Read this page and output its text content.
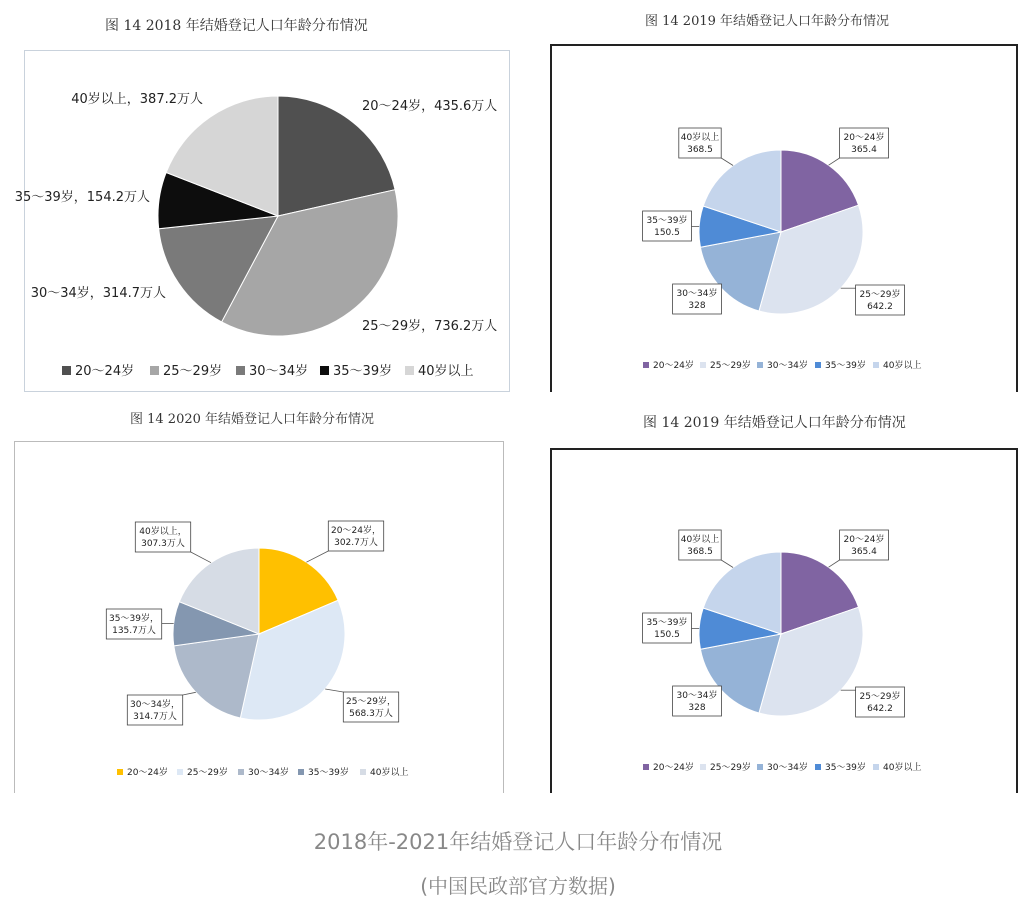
图 14 2018 年结婚登记人口年龄分布情况	图 14 2019 年结婚登记人口年龄分布情况
图 14 2020 年结婚登记人口年龄分布情况	图 14 2019 年结婚登记人口年龄分布情况
20～24岁，435.6万人
25～29岁，736.2万人
30～34岁，314.7万人
35～39岁，154.2万人
40岁以上，387.2万人
20～24岁 25～29岁 30～34岁 35～39岁 40岁以上
20～24岁
365.4
25～29岁
642.2
30～34岁
328
35～39岁
150.5
40岁以上
368.5
20～24岁 25～29岁 30～34岁 35～39岁 40岁以上
20～24岁，
302.7万人
25～29岁，
568.3万人
30～34岁，
314.7万人
35～39岁，
135.7万人
40岁以上，
307.3万人
20～24岁 25～29岁 30～34岁 35～39岁 40岁以上
20～24岁
365.4
25～29岁
642.2
30～34岁
328
35～39岁
150.5
40岁以上
368.5
20～24岁 25～29岁 30～34岁 35～39岁 40岁以上
2018年-2021年结婚登记人口年龄分布情况
(中国民政部官方数据)
